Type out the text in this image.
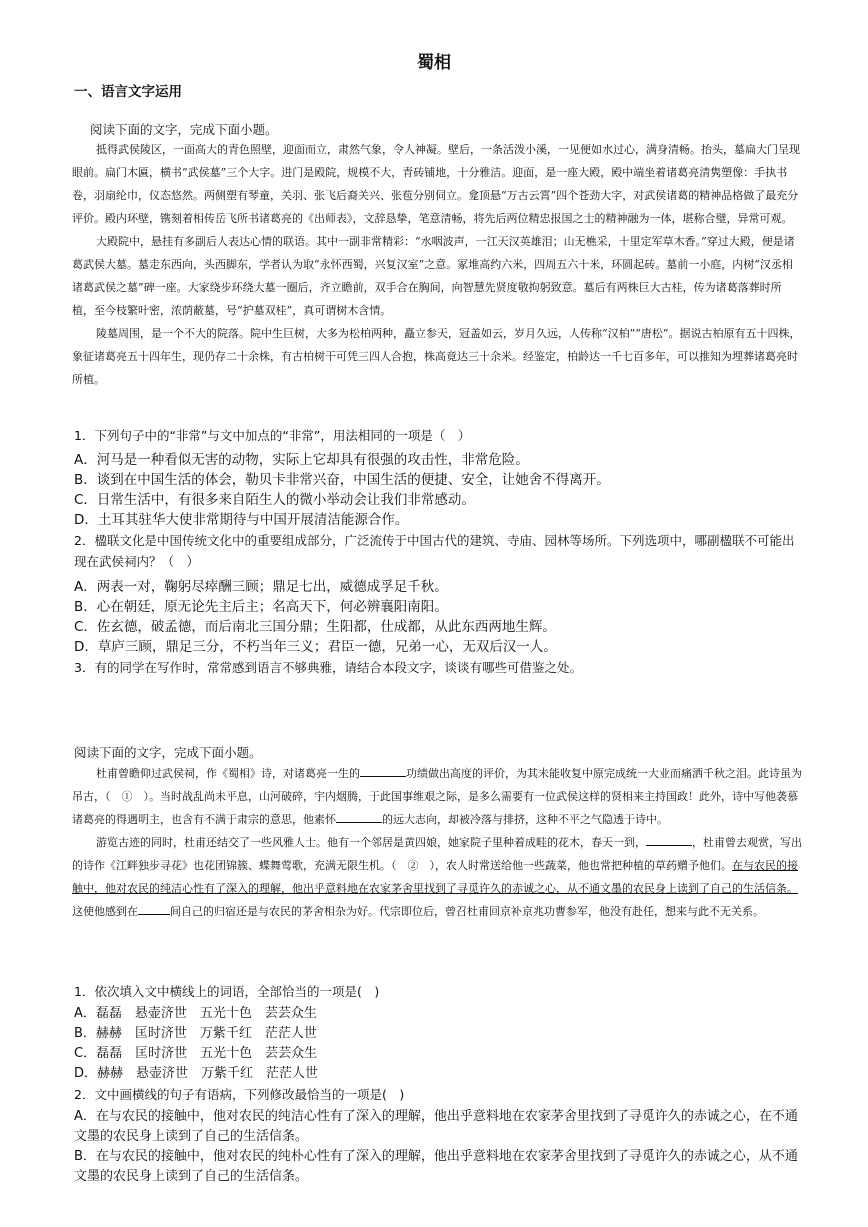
蜀相
一、语言文字运用
阅读下面的文字，完成下面小题。

抵得武侯陵区，一面高大的青色照壁，迎面而立，肃然气象，令人神凝。壁后，一条活泼小溪，一见便如水过心，满身清畅。抬头，墓扁大门呈现眼前。扁门木匾，横书“武侯墓”三个大字。进门是殿院，规模不大，青砖铺地，十分雅洁。迎面，是一座大殿，殿中端坐着诸葛亮清隽塑像：手执书卷，羽扇纶巾，仪态悠然。两侧塑有琴童，关羽、张飞后裔关兴、张苞分别伺立。龛顶悬“万古云霄”四个苍劲大字，对武侯诸葛的精神品格做了最充分评价。殿内环壁，镌刻着相传岳飞所书诸葛亮的《出师表》，文辞恳挚，笔意清畅，将先后两位精忠报国之士的精神融为一体，堪称合璧，异常可观。

大殿院中，悬挂有多副后人表达心情的联语。其中一副非常精彩：“水咽波声，一江天汉英雄泪；山无樵采，十里定军草木香。”穿过大殿，便是诸葛武侯大墓。墓走东西向，头西脚东，学者认为取“永怀西蜀，兴复汉室”之意。冢堆高约六米，四周五六十米，环圆起砖。墓前一小庭，内树“汉丞相诸葛武侯之墓”碑一座。大家绕步环绕大墓一圈后，齐立瞻前，双手合在胸间，向智慧先贤度敬拘躬致意。墓后有两株巨大古桂，传为诸葛落葬时所植，至今枝繁叶密，浓荫蔽墓，号“护墓双桂”，真可谓树木含情。

陵墓周围，是一个不大的院落。院中生巨树，大多为松柏两种，矗立参天，冠盖如云，岁月久远，人传称“汉柏”“唐松”。据说古柏原有五十四株，象征诸葛亮五十四年生，现仍存二十余株，有古柏树干可凭三四人合抱，株高竟达三十余米。经鉴定，柏龄达一千七百多年，可以推知为埋葬诸葛亮时所植。

1．下列句子中的“非常”与文中加点的“非常”，用法相同的一项是（　）
A．河马是一种看似无害的动物，实际上它却具有很强的攻击性，非常危险。
B．谈到在中国生活的体会，勒贝卡非常兴奋，中国生活的便捷、安全，让她舍不得离开。
C．日常生活中，有很多来自陌生人的微小举动会让我们非常感动。
D．土耳其驻华大使非常期待与中国开展清洁能源合作。
2．楹联文化是中国传统文化中的重要组成部分，广泛流传于中国古代的建筑、寺庙、园林等场所。下列选项中，哪副楹联不可能出现在武侯祠内？（　）
A．两表一对，鞠躬尽瘁酬三顾；鼎足七出，威德成孚足千秋。
B．心在朝廷，原无论先主后主；名高天下，何必辨襄阳南阳。
C．佐玄德，破孟德，而后南北三国分鼎；生阳都，仕成都，从此东西两地生辉。
D．草庐三顾，鼎足三分，不朽当年三义；君臣一德，兄弟一心，无双后汉一人。
3．有的同学在写作时，常常感到语言不够典雅，请结合本段文字，谈谈有哪些可借鉴之处。
阅读下面的文字，完成下面小题。

杜甫曾瞻仰过武侯祠，作《蜀相》诗，对诸葛亮一生的	功绩做出高度的评价，为其未能收复中原完成统一大业而痛洒千秋之泪。此诗虽为吊古，（　①　）。当时战乱尚未平息，山河破碎，宇内烟腾，于此国事维艰之际，是多么需要有一位武侯这样的贤相来主持国政！此外，诗中写他袭慕诸葛亮的得遇明主，也含有不满于肃宗的意思，他素怀	的远大志向，却被冷落与排挤，这种不平之气隐透于诗中。

游览古迹的同时，杜甫还结交了一些风雅人士。他有一个邻居是黄四娘，她家院子里种着成畦的花木，春天一到，	，杜甫曾去观赏，写出的诗作《江畔独步寻花》也花团锦簇、蝶舞莺歌，充满无限生机。（　②　），农人时常送给他一些蔬菜，他也常把种植的草药赠予他们。在与农民的接触中，他对农民的纯洁心性有了深入的理解，他出乎意料地在农家茅舍里找到了寻觅许久的赤诚之心，从不通文墨的农民身上读到了自己的生活信条。这使他感到在	间自己的归宿还是与农民的茅舍相杂为好。代宗即位后，曾召杜甫回京补京兆功曹参军，他没有赴任，想来与此不无关系。

1．依次填入文中横线上的词语，全部恰当的一项是(　)
A．磊磊　悬壶济世　五光十色　芸芸众生
B．赫赫　匡时济世　万紫千红　茫茫人世
C．磊磊　匡时济世　五光十色　芸芸众生
D．赫赫　悬壶济世　万紫千红　茫茫人世
2．文中画横线的句子有语病，下列修改最恰当的一项是(　)
A．在与农民的接触中，他对农民的纯洁心性有了深入的理解，他出乎意料地在农家茅舍里找到了寻觅许久的赤诚之心，在不通文墨的农民身上读到了自己的生活信条。
B．在与农民的接触中，他对农民的纯朴心性有了深入的理解，他出乎意料地在农家茅舍里找到了寻觅许久的赤诚之心，从不通文墨的农民身上读到了自己的生活信条。
